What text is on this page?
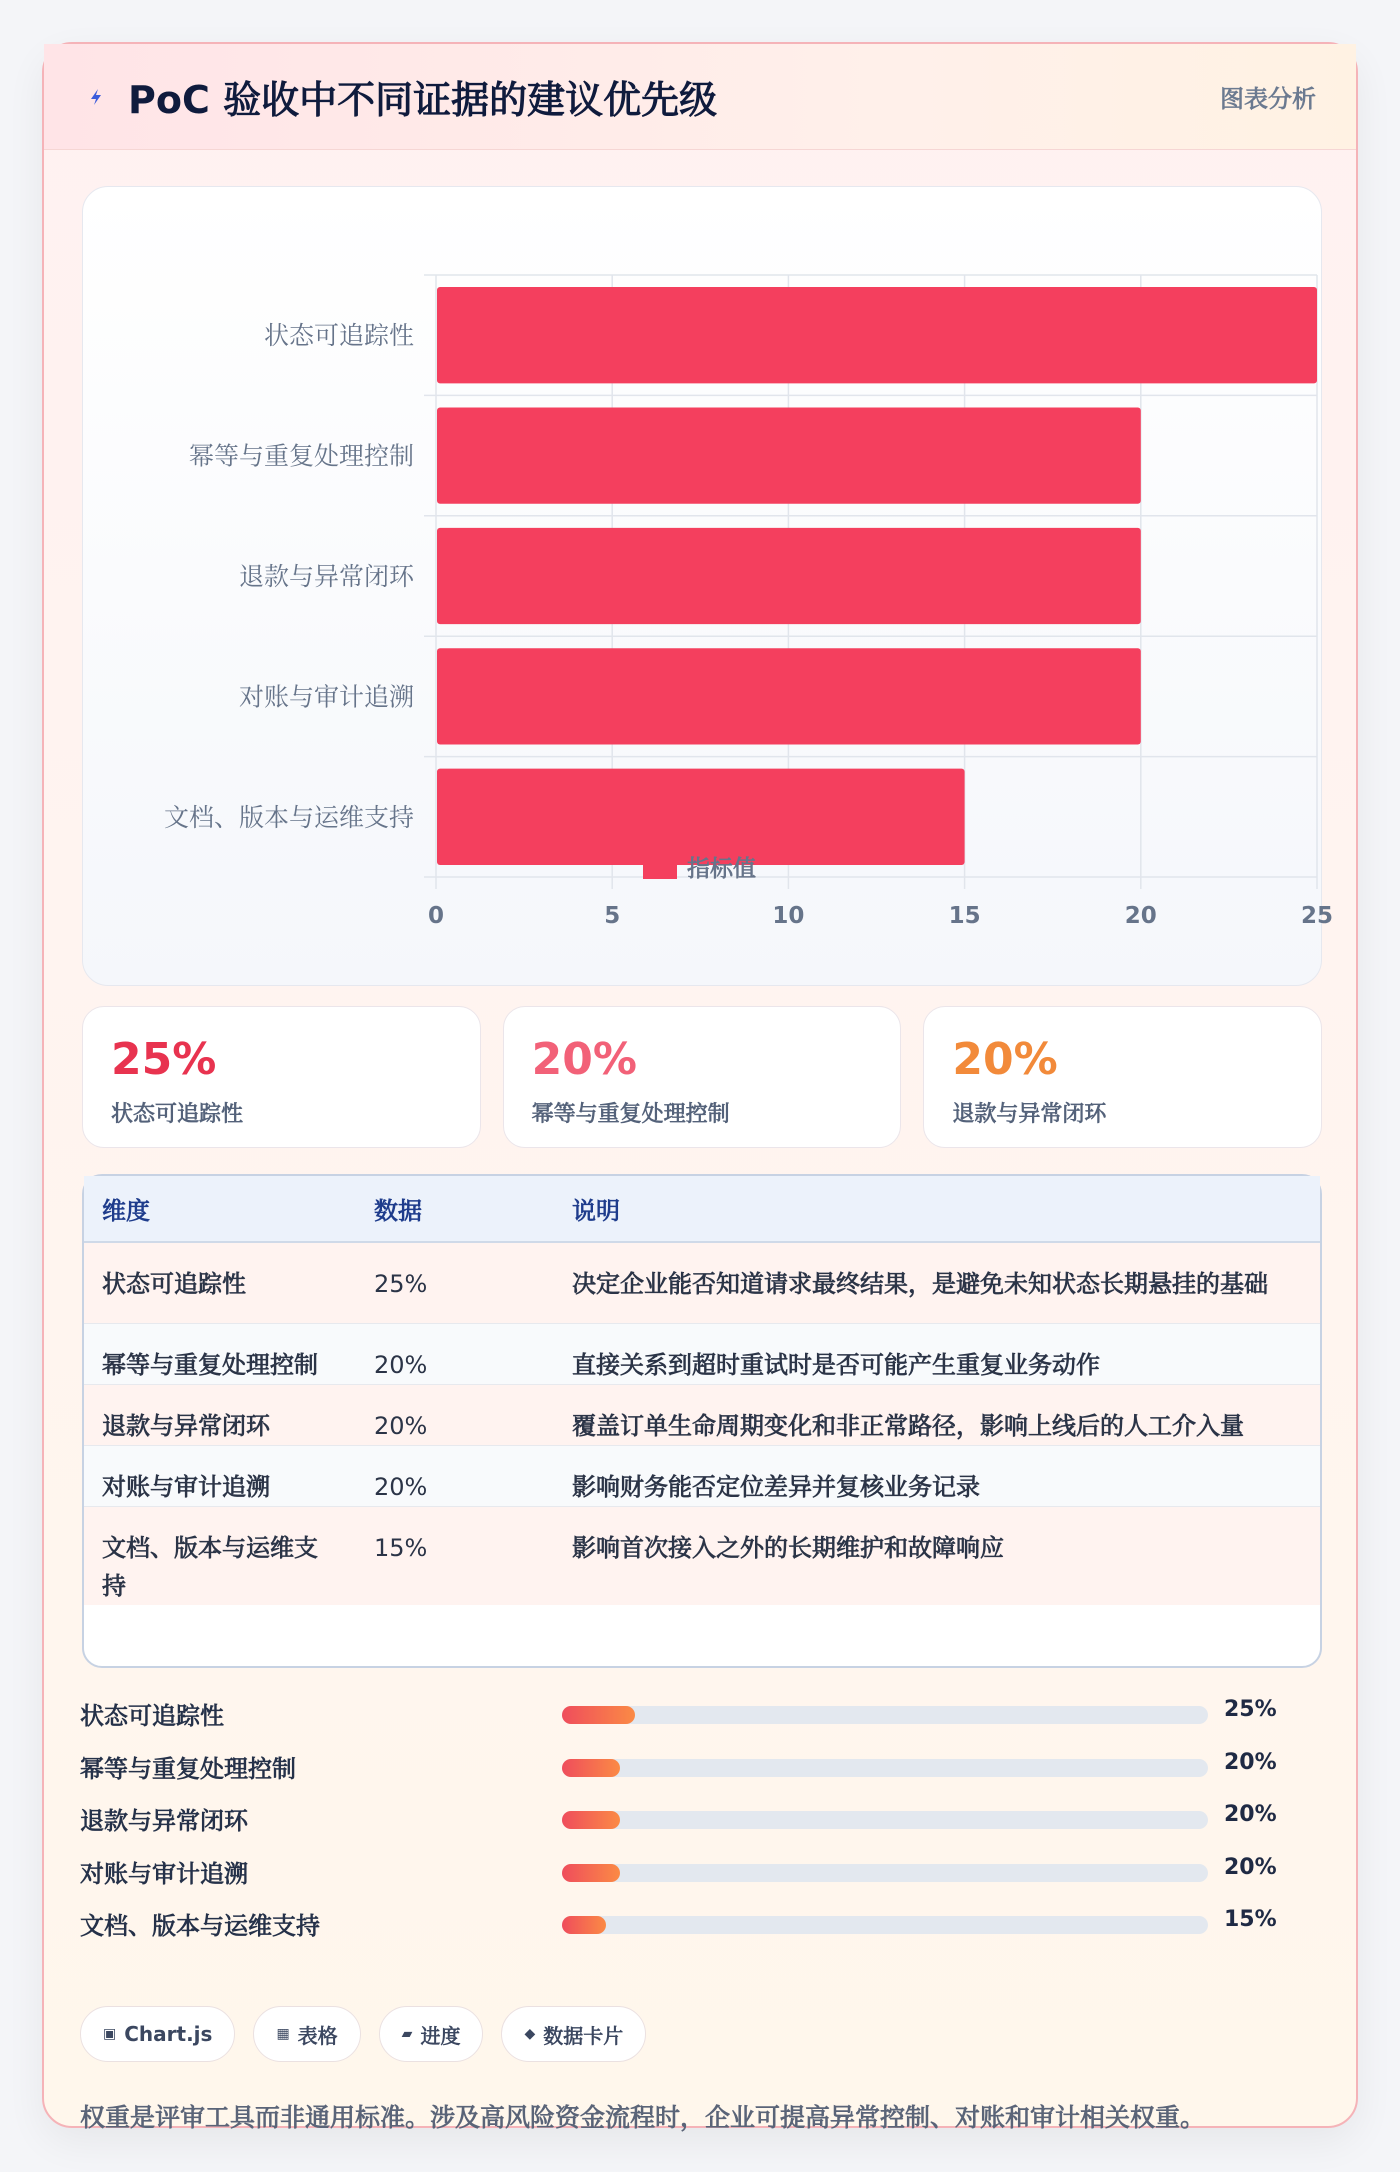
PoC 验收中不同证据的建议优先级	图表分析
状态可追踪性
幂等与重复处理控制
退款与异常闭环
对账与审计追溯
文档、版本与运维支持
0	5	10	15	20	25
指标值
25%
状态可追踪性
20%
幂等与重复处理控制
20%
退款与异常闭环
维度	数据	说明
状态可追踪性	25%	决定企业能否知道请求最终结果，是避免未知状态长期悬挂的基础
幂等与重复处理控制	20%	直接关系到超时重试时是否可能产生重复业务动作
退款与异常闭环	20%	覆盖订单生命周期变化和非正常路径，影响上线后的人工介入量
对账与审计追溯	20%	影响财务能否定位差异并复核业务记录
文档、版本与运维支持	15%	影响首次接入之外的长期维护和故障响应
状态可追踪性	25%
幂等与重复处理控制	20%
退款与异常闭环	20%
对账与审计追溯	20%
文档、版本与运维支持	15%
▣ Chart.js	▦ 表格	▰ 进度	◆ 数据卡片
权重是评审工具而非通用标准。涉及高风险资金流程时，企业可提高异常控制、对账和审计相关权重。
